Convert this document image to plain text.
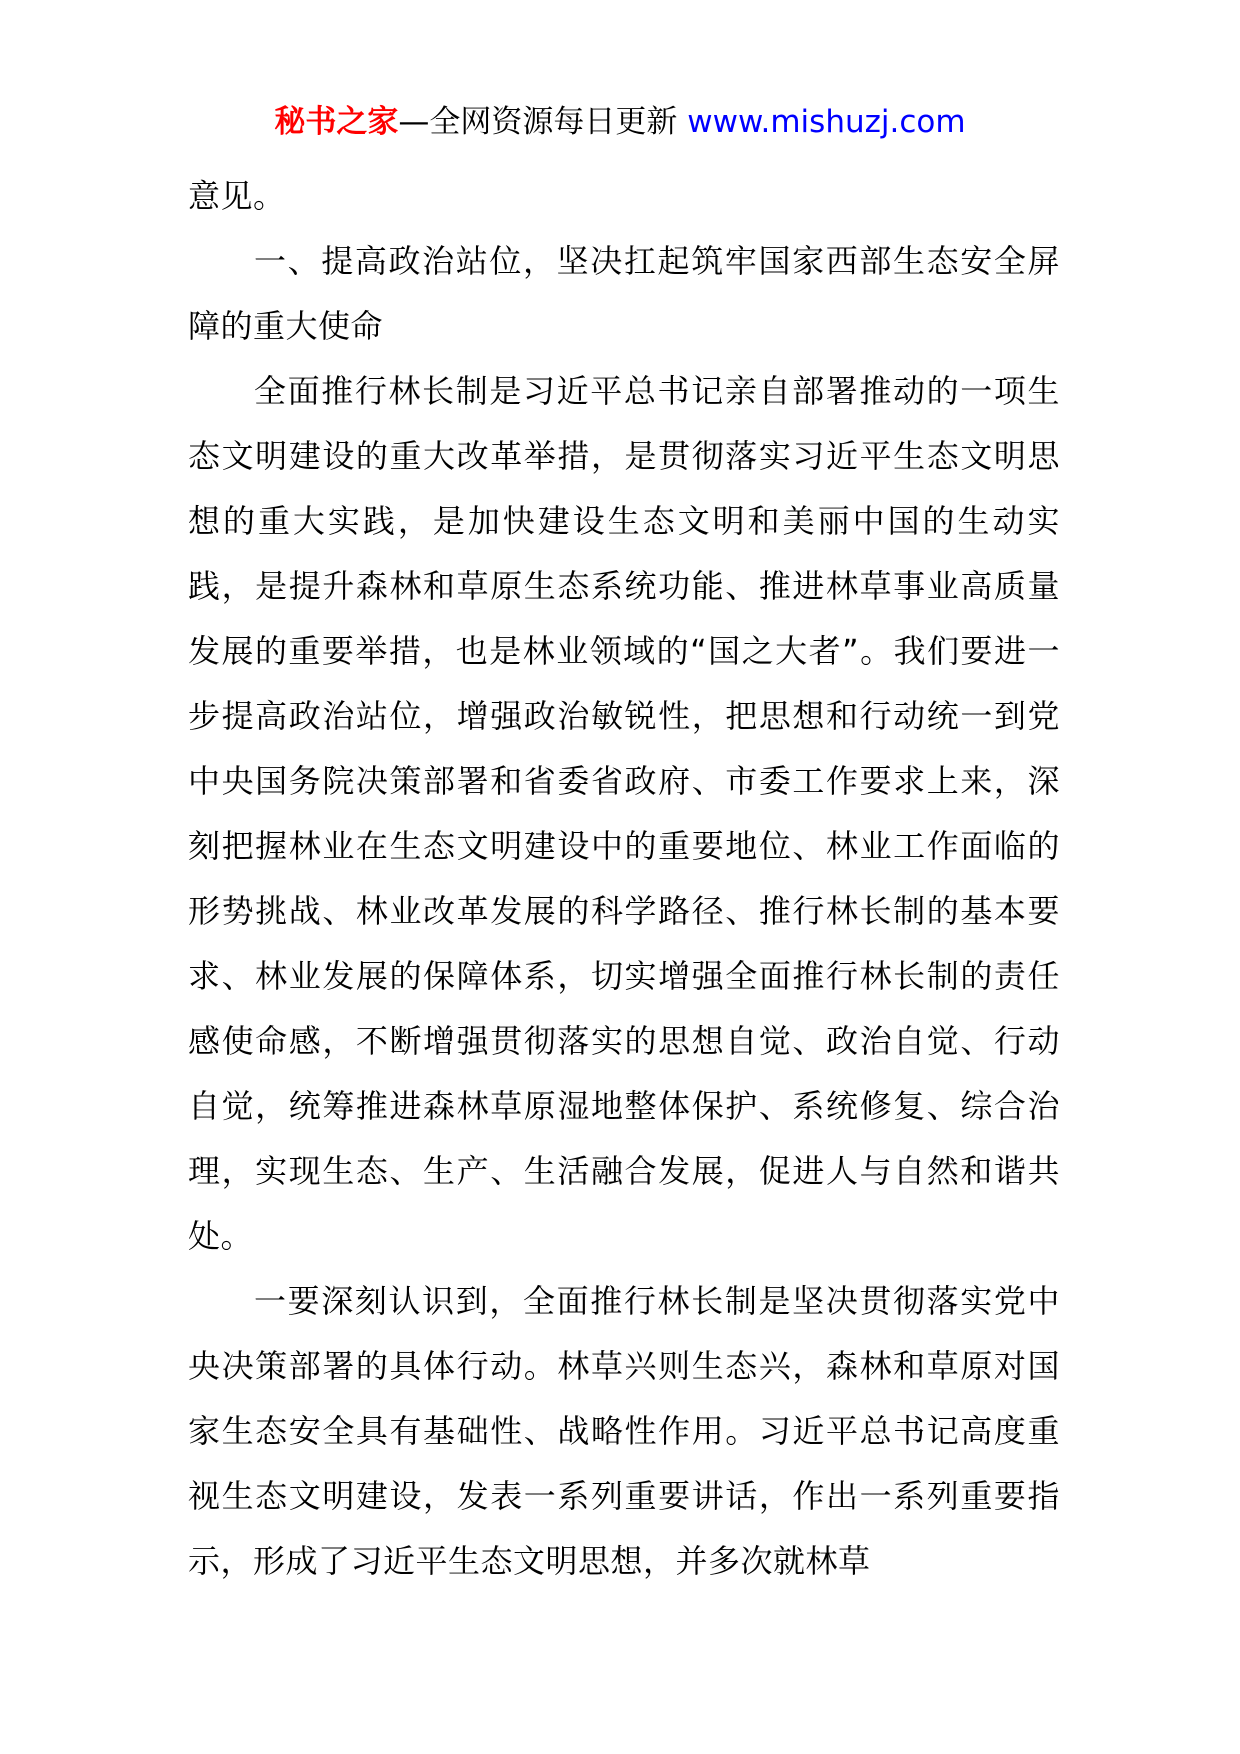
秘书之家—全网资源每日更新 www.mishuzj.com

意见。

一、提高政治站位，坚决扛起筑牢国家西部生态安全屏障的重大使命

全面推行林长制是习近平总书记亲自部署推动的一项生态文明建设的重大改革举措，是贯彻落实习近平生态文明思想的重大实践，是加快建设生态文明和美丽中国的生动实践，是提升森林和草原生态系统功能、推进林草事业高质量发展的重要举措，也是林业领域的“国之大者”。我们要进一步提高政治站位，增强政治敏锐性，把思想和行动统一到党中央国务院决策部署和省委省政府、市委工作要求上来，深刻把握林业在生态文明建设中的重要地位、林业工作面临的形势挑战、林业改革发展的科学路径、推行林长制的基本要求、林业发展的保障体系，切实增强全面推行林长制的责任感使命感，不断增强贯彻落实的思想自觉、政治自觉、行动自觉，统筹推进森林草原湿地整体保护、系统修复、综合治理，实现生态、生产、生活融合发展，促进人与自然和谐共处。

一要深刻认识到，全面推行林长制是坚决贯彻落实党中央决策部署的具体行动。林草兴则生态兴，森林和草原对国家生态安全具有基础性、战略性作用。习近平总书记高度重视生态文明建设，发表一系列重要讲话，作出一系列重要指示，形成了习近平生态文明思想，并多次就林草
